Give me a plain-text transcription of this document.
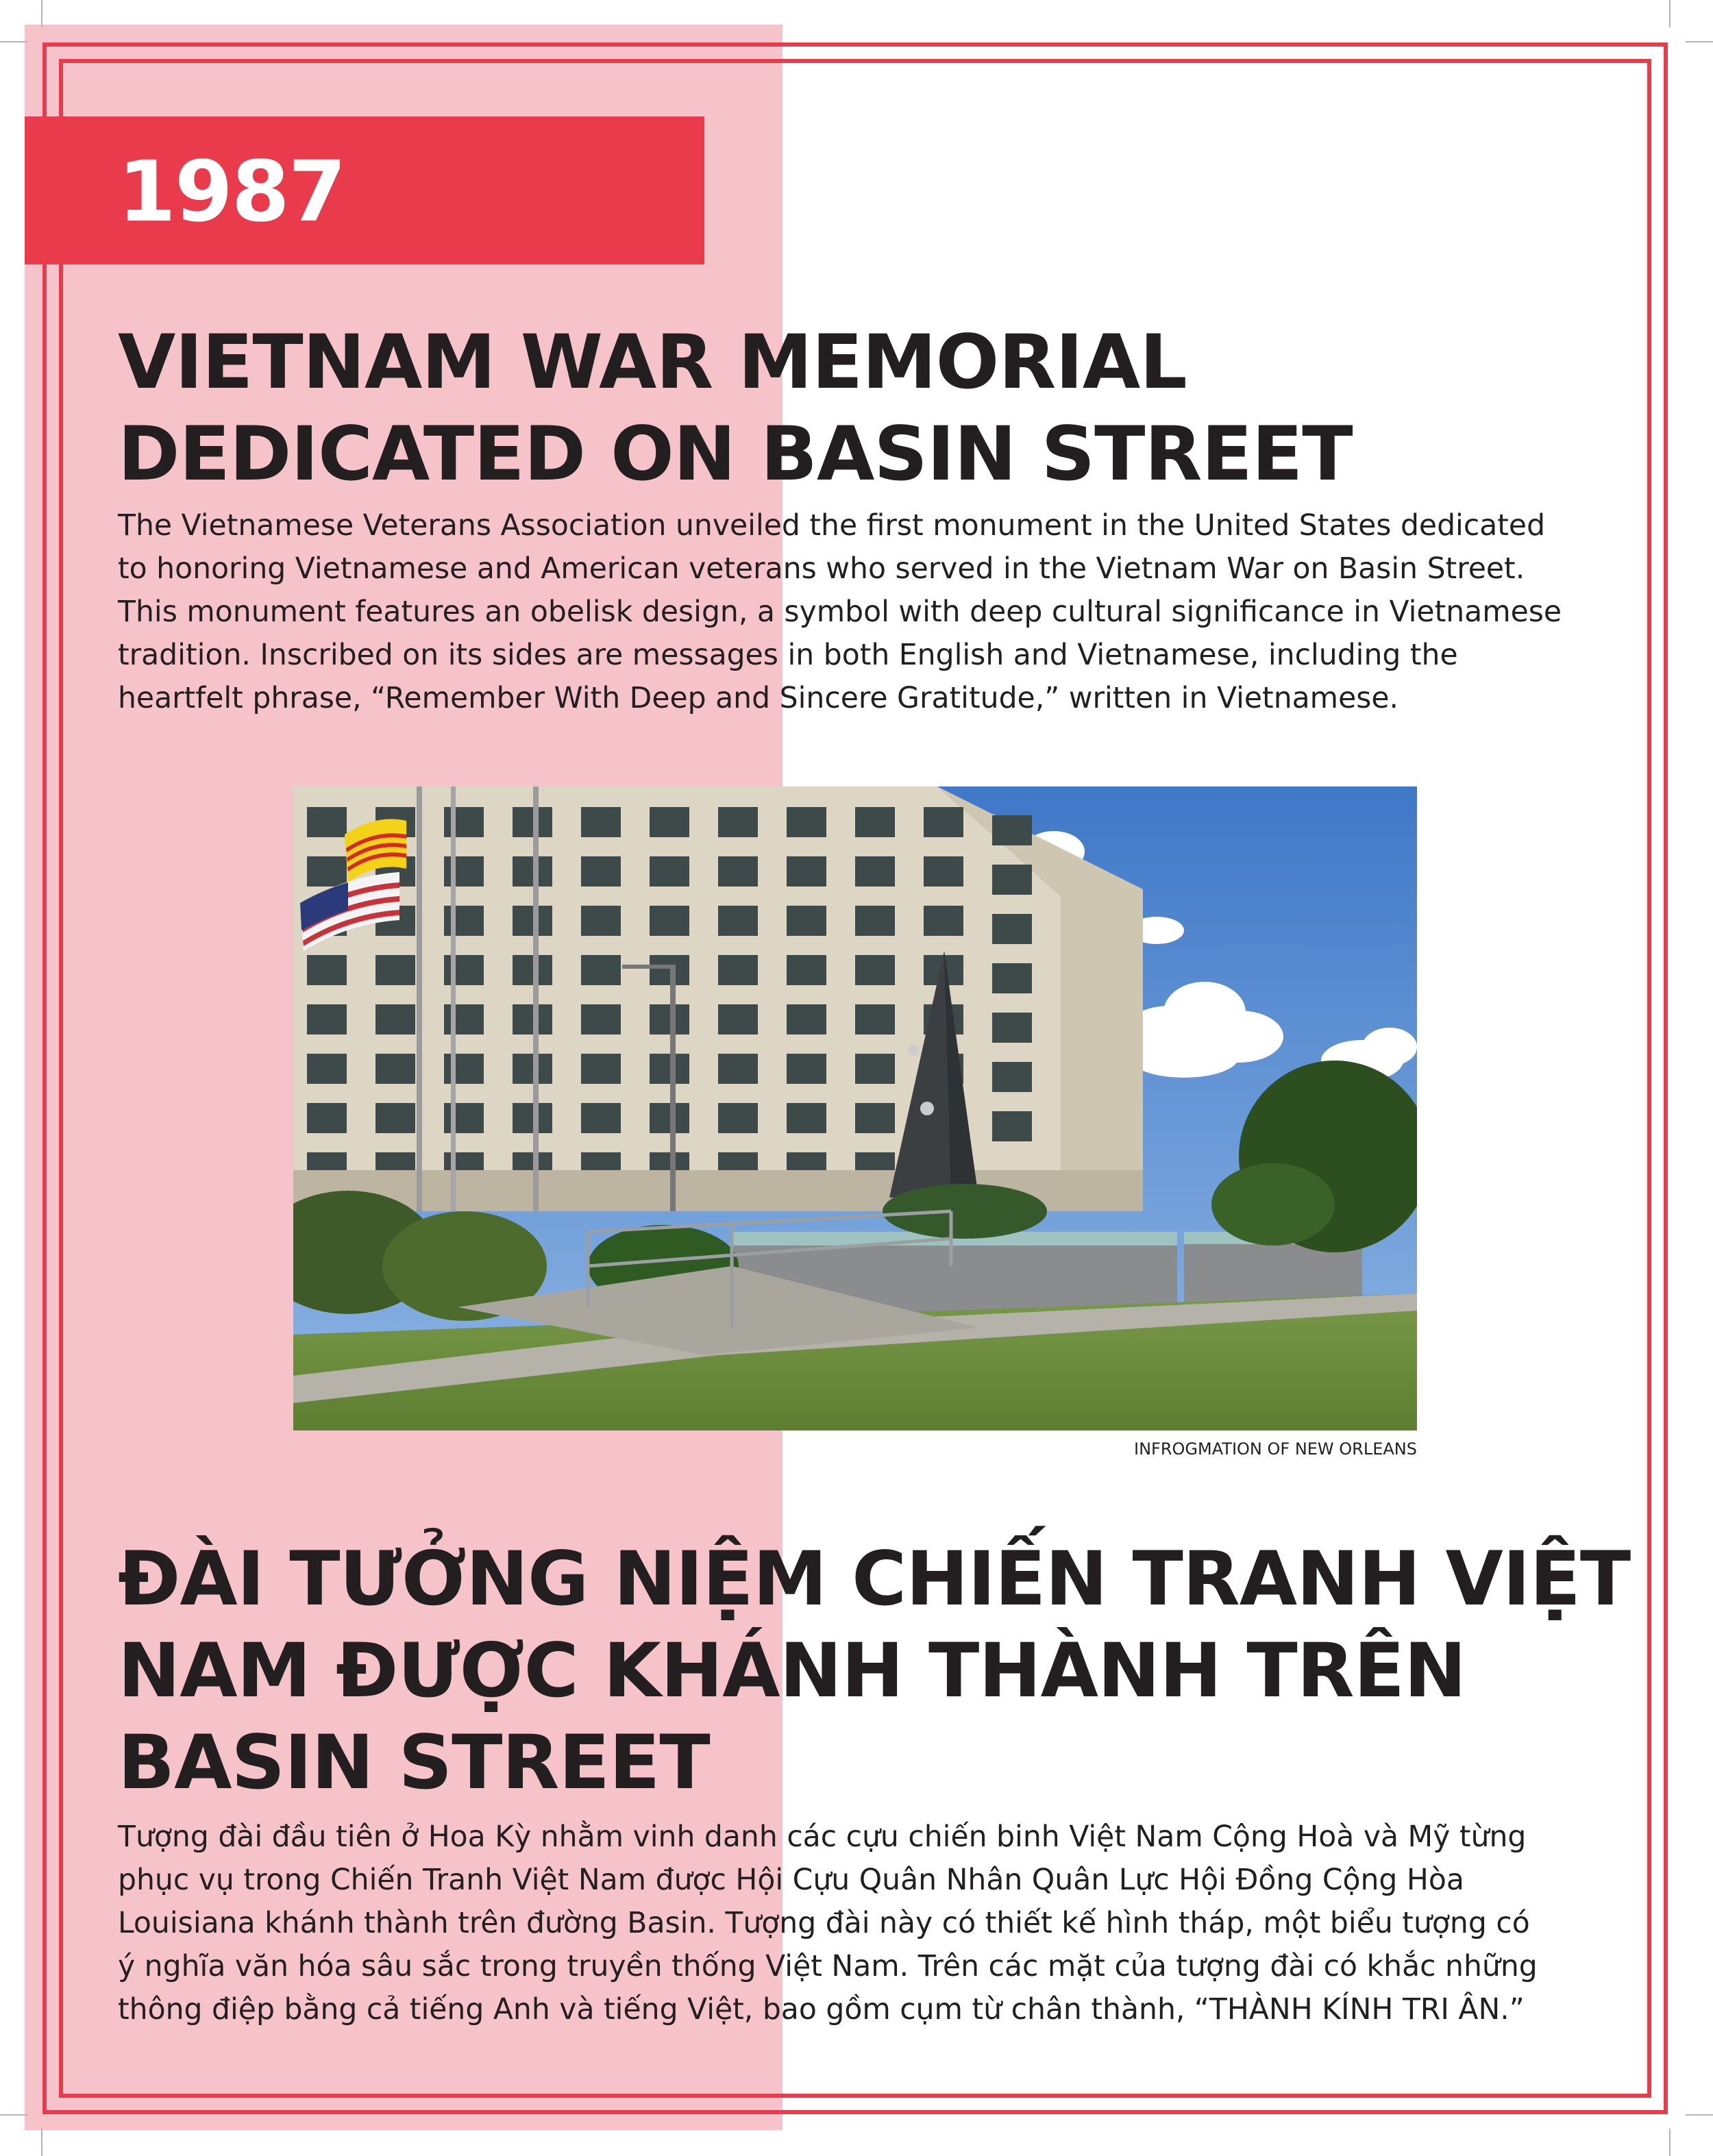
1987
VIETNAM WAR MEMORIAL
DEDICATED ON BASIN STREET
The Vietnamese Veterans Association unveiled the first monument in the United States dedicated
to honoring Vietnamese and American veterans who served in the Vietnam War on Basin Street.
This monument features an obelisk design, a symbol with deep cultural significance in Vietnamese
tradition. Inscribed on its sides are messages in both English and Vietnamese, including the
heartfelt phrase, “Remember With Deep and Sincere Gratitude,” written in Vietnamese.
INFROGMATION OF NEW ORLEANS
ĐÀI TƯỞNG NIỆM CHIẾN TRANH VIỆT
NAM ĐƯỢC KHÁNH THÀNH TRÊN
BASIN STREET
Tượng đài đầu tiên ở Hoa Kỳ nhằm vinh danh các cựu chiến binh Việt Nam Cộng Hoà và Mỹ từng
phục vụ trong Chiến Tranh Việt Nam được Hội Cựu Quân Nhân Quân Lực Hội Đồng Cộng Hòa
Louisiana khánh thành trên đường Basin. Tượng đài này có thiết kế hình tháp, một biểu tượng có
ý nghĩa văn hóa sâu sắc trong truyền thống Việt Nam. Trên các mặt của tượng đài có khắc những
thông điệp bằng cả tiếng Anh và tiếng Việt, bao gồm cụm từ chân thành, “THÀNH KÍNH TRI ÂN.”
